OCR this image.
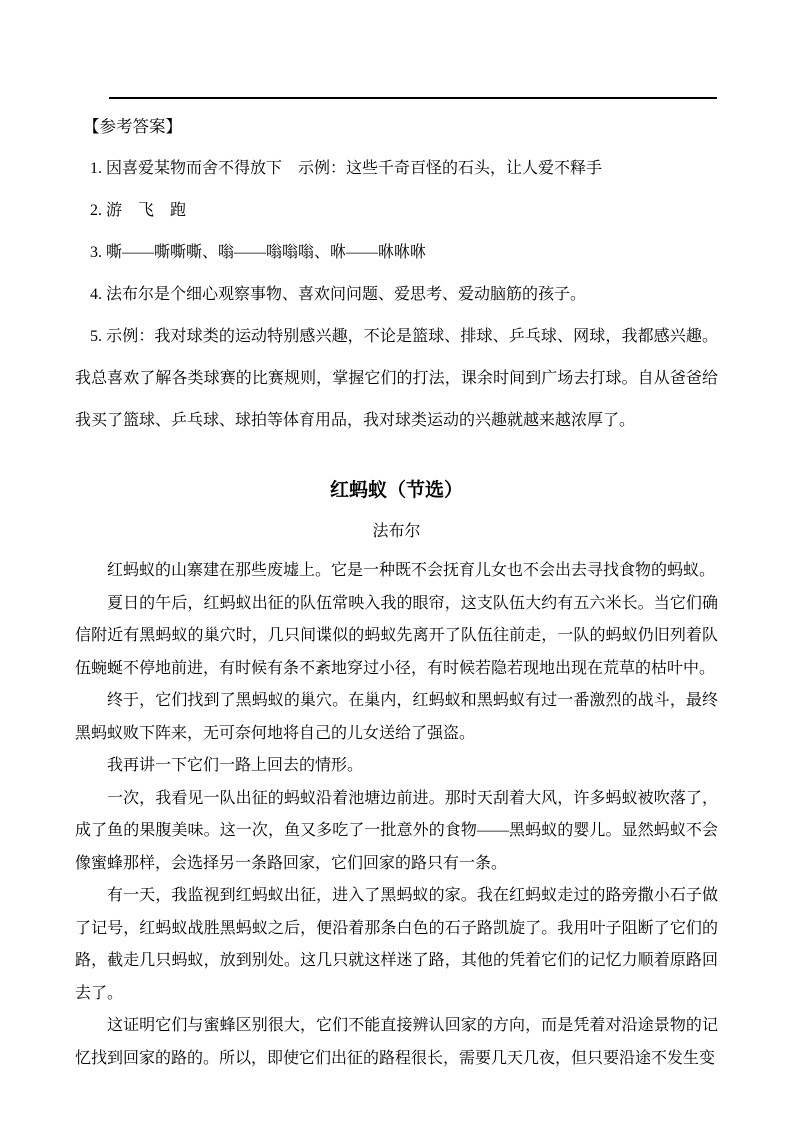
【参考答案】

1. 因喜爱某物而舍不得放下　示例：这些千奇百怪的石头，让人爱不释手

2. 游　飞　跑

3. 嘶——嘶嘶嘶、嗡——嗡嗡嗡、咻——咻咻咻

4. 法布尔是个细心观察事物、喜欢问问题、爱思考、爱动脑筋的孩子。

5. 示例：我对球类的运动特别感兴趣，不论是篮球、排球、乒乓球、网球，我都感兴趣。我总喜欢了解各类球赛的比赛规则，掌握它们的打法，课余时间到广场去打球。自从爸爸给我买了篮球、乒乓球、球拍等体育用品，我对球类运动的兴趣就越来越浓厚了。

红蚂蚁（节选）

法布尔

红蚂蚁的山寨建在那些废墟上。它是一种既不会抚育儿女也不会出去寻找食物的蚂蚁。

夏日的午后，红蚂蚁出征的队伍常映入我的眼帘，这支队伍大约有五六米长。当它们确信附近有黑蚂蚁的巢穴时，几只间谍似的蚂蚁先离开了队伍往前走，一队的蚂蚁仍旧列着队伍蜿蜒不停地前进，有时候有条不紊地穿过小径，有时候若隐若现地出现在荒草的枯叶中。

终于，它们找到了黑蚂蚁的巢穴。在巢内，红蚂蚁和黑蚂蚁有过一番激烈的战斗，最终黑蚂蚁败下阵来，无可奈何地将自己的儿女送给了强盗。

我再讲一下它们一路上回去的情形。

一次，我看见一队出征的蚂蚁沿着池塘边前进。那时天刮着大风，许多蚂蚁被吹落了，成了鱼的果腹美味。这一次，鱼又多吃了一批意外的食物——黑蚂蚁的婴儿。显然蚂蚁不会像蜜蜂那样，会选择另一条路回家，它们回家的路只有一条。

有一天，我监视到红蚂蚁出征，进入了黑蚂蚁的家。我在红蚂蚁走过的路旁撒小石子做了记号，红蚂蚁战胜黑蚂蚁之后，便沿着那条白色的石子路凯旋了。我用叶子阻断了它们的路，截走几只蚂蚁，放到别处。这几只就这样迷了路，其他的凭着它们的记忆力顺着原路回去了。

这证明它们与蜜蜂区别很大，它们不能直接辨认回家的方向，而是凭着对沿途景物的记忆找到回家的路的。所以，即使它们出征的路程很长，需要几天几夜，但只要沿途不发生变
